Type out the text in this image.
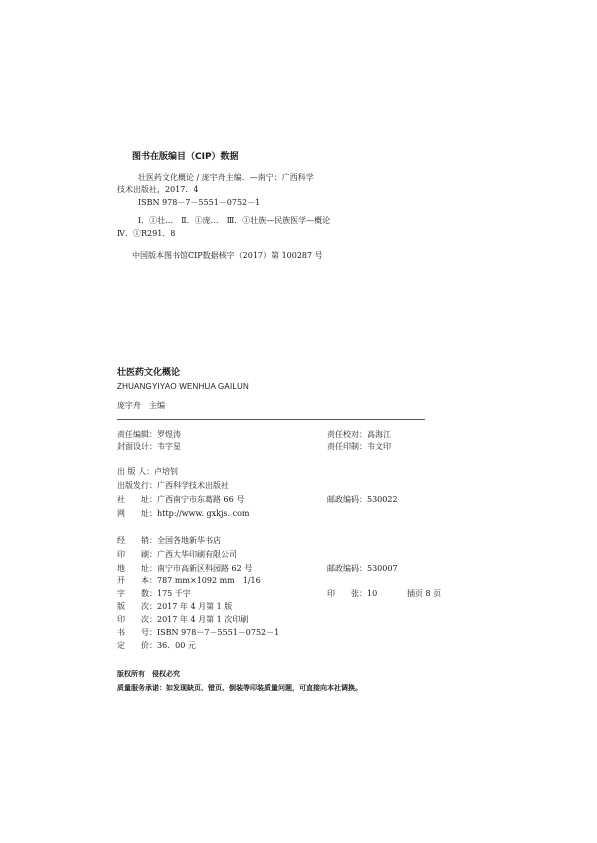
图书在版编目（CIP）数据
壮医药文化概论 / 庞宇舟主编．—南宁：广西科学
技术出版社，2017．4
ISBN 978－7－5551－0752－1
Ⅰ．①壮…　Ⅱ．①庞…　Ⅲ．①壮族—民族医学—概论
Ⅳ．①R291．8
中国版本图书馆CIP数据核字（2017）第 100287 号
壮医药文化概论
ZHUANGYIYAO WENHUA GAILUN
庞宇舟　主编
责任编辑：罗煜涛	责任校对：高海江
封面设计：韦宇星	责任印制：韦文印
出 版 人：卢培钊
出版发行：广西科学技术出版社
社　　址：广西南宁市东葛路 66 号	邮政编码：530022
网　　址：http://www. gxkjs. com
经　　销：全国各地新华书店
印　　刷：广西大华印刷有限公司
地　　址：南宁市高新区科园路 62 号	邮政编码：530007
开　　本：787 mm×1092 mm　1/16
字　　数：175 千字	印　　张：10	插页 8 页
版　　次：2017 年 4 月第 1 版
印　　次：2017 年 4 月第 1 次印刷
书　　号：ISBN 978－7－5551－0752－1
定　　价：36．00 元
版权所有　侵权必究
质量服务承诺：如发现缺页、错页、倒装等印装质量问题，可直接向本社调换。
